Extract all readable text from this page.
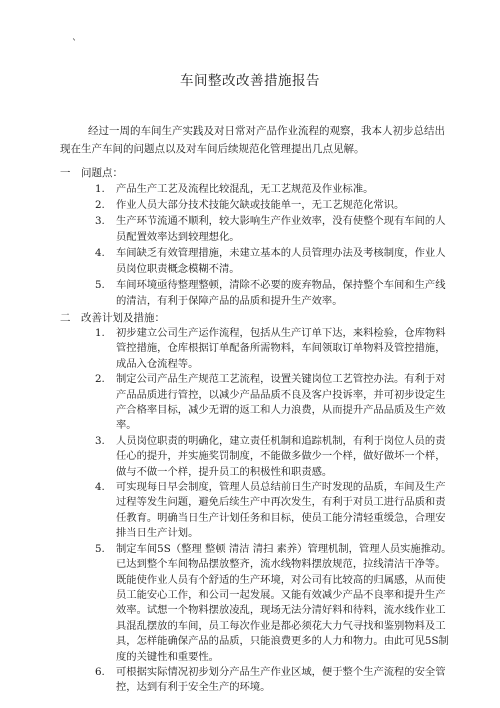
`
车间整改改善措施报告

经过一周的车间生产实践及对日常对产品作业流程的观察，我本人初步总结出现在生产车间的问题点以及对车间后续规范化管理提出几点见解。

一 问题点：
1. 产品生产工艺及流程比较混乱，无工艺规范及作业标准。
2. 作业人员大部分技术技能欠缺或技能单一，无工艺规范化常识。
3. 生产环节流通不顺利，较大影响生产作业效率，没有使整个现有车间的人员配置效率达到较理想化。
4. 车间缺乏有效管理措施，未建立基本的人员管理办法及考核制度，作业人员岗位职责概念模糊不清。
5. 车间环境亟待整理整顿，清除不必要的废弃物品，保持整个车间和生产线的清洁，有利于保障产品的品质和提升生产效率。
二 改善计划及措施：
1. 初步建立公司生产运作流程，包括从生产订单下达，来料检验，仓库物料管控措施，仓库根据订单配备所需物料，车间领取订单物料及管控措施，成品入仓流程等。
2. 制定公司产品生产规范工艺流程，设置关键岗位工艺管控办法。有利于对产品品质进行管控，以减少产品品质不良及客户投诉率，并可初步设定生产合格率目标，减少无谓的返工和人力浪费，从而提升产品品质及生产效率。
3. 人员岗位职责的明确化，建立责任机制和追踪机制，有利于岗位人员的责任心的提升，并实施奖罚制度，不能做多做少一个样，做好做坏一个样，做与不做一个样，提升员工的积极性和职责感。
4. 可实现每日早会制度，管理人员总结前日生产时发现的品质，车间及生产过程等发生问题，避免后续生产中再次发生，有利于对员工进行品质和责任教育。明确当日生产计划任务和目标，使员工能分清轻重缓急，合理安排当日生产计划。
5. 制定车间5S（整理 整顿 清洁 清扫 素养）管理机制，管理人员实施推动。已达到整个车间物品摆放整齐，流水线物料摆放规范，拉线清洁干净等。既能使作业人员有个舒适的生产环境，对公司有比较高的归属感，从而使员工能安心工作，和公司一起发展。又能有效减少产品不良率和提升生产效率。试想一个物料摆放凌乱，现场无法分清好料和待料，流水线作业工具混乱摆放的车间，员工每次作业是都必须花大力气寻找和鉴别物料及工具，怎样能确保产品的品质，只能浪费更多的人力和物力。由此可见5S制度的关键性和重要性。
6. 可根据实际情况初步划分产品生产作业区域，便于整个生产流程的安全管控，达到有利于安全生产的环境。
